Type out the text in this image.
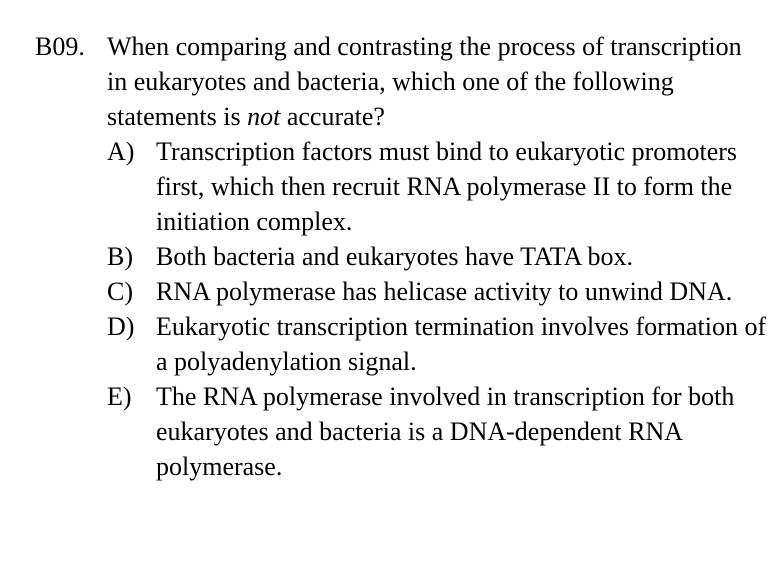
B09. When comparing and contrasting the process of transcription in eukaryotes and bacteria, which one of the following statements is not accurate?
A) Transcription factors must bind to eukaryotic promoters first, which then recruit RNA polymerase II to form the initiation complex.
B) Both bacteria and eukaryotes have TATA box.
C) RNA polymerase has helicase activity to unwind DNA.
D) Eukaryotic transcription termination involves formation of a polyadenylation signal.
E) The RNA polymerase involved in transcription for both eukaryotes and bacteria is a DNA-dependent RNA polymerase.
